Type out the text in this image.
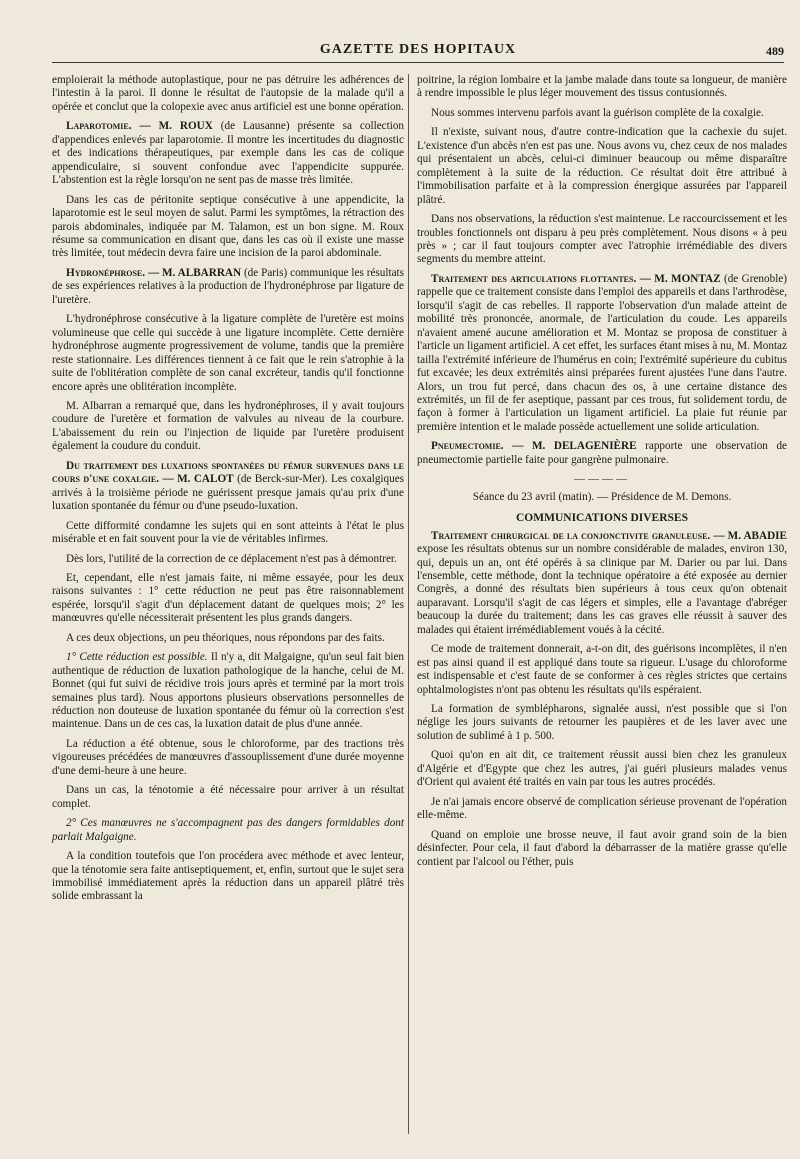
GAZETTE DES HOPITAUX	489

emploierait la méthode autoplastique, pour ne pas détruire les adhérences de l'intestin à la paroi. Il donne le résultat de l'autopsie de la malade qu'il a opérée et conclut que la colopexie avec anus artificiel est une bonne opération.

Laparotomie. — M. ROUX (de Lausanne) présente sa collection d'appendices enlevés par laparotomie. Il montre les incertitudes du diagnostic et des indications thérapeutiques, par exemple dans les cas de colique appendiculaire, si souvent confondue avec l'appendicite suppurée. L'abstention est la règle lorsqu'on ne sent pas de masse très limitée.

Dans les cas de péritonite septique consécutive à une appendicite, la laparotomie est le seul moyen de salut. Parmi les symptômes, la rétraction des parois abdominales, indiquée par M. Talamon, est un bon signe. M. Roux résume sa communication en disant que, dans les cas où il existe une masse très limitée, tout médecin devra faire une incision de la paroi abdominale.

Hydronéphrose. — M. ALBARRAN (de Paris) communique les résultats de ses expériences relatives à la production de l'hydronéphrose par ligature de l'uretère.

L'hydronéphrose consécutive à la ligature complète de l'uretère est moins volumineuse que celle qui succède à une ligature incomplète. Cette dernière hydronéphrose augmente progressivement de volume, tandis que la première reste stationnaire. Les différences tiennent à ce fait que le rein s'atrophie à la suite de l'oblitération complète de son canal excréteur, tandis qu'il fonctionne encore après une oblitération incomplète.

M. Albarran a remarqué que, dans les hydronéphroses, il y avait toujours coudure de l'uretère et formation de valvules au niveau de la courbure. L'abaissement du rein ou l'injection de liquide par l'uretère produisent également la coudure du conduit.

Du traitement des luxations spontanées du fémur survenues dans le cours d'une coxalgie. — M. CALOT (de Berck-sur-Mer). Les coxalgiques arrivés à la troisième période ne guérissent presque jamais qu'au prix d'une luxation spontanée du fémur ou d'une pseudo-luxation.

Cette difformité condamne les sujets qui en sont atteints à l'état le plus misérable et en fait souvent pour la vie de véritables infirmes.

Dès lors, l'utilité de la correction de ce déplacement n'est pas à démontrer.

Et, cependant, elle n'est jamais faite, ni même essayée, pour les deux raisons suivantes : 1° cette réduction ne peut pas être raisonnablement espérée, lorsqu'il s'agit d'un déplacement datant de quelques mois; 2° les manœuvres qu'elle nécessiterait présentent les plus grands dangers.

A ces deux objections, un peu théoriques, nous répondons par des faits.

1° Cette réduction est possible. Il n'y a, dit Malgaigne, qu'un seul fait bien authentique de réduction de luxation pathologique de la hanche, celui de M. Bonnet (qui fut suivi de récidive trois jours après et terminé par la mort trois semaines plus tard). Nous apportons plusieurs observations personnelles de réduction non douteuse de luxation spontanée du fémur où la correction s'est maintenue. Dans un de ces cas, la luxation datait de plus d'une année.

La réduction a été obtenue, sous le chloroforme, par des tractions très vigoureuses précédées de manœuvres d'assouplissement d'une durée moyenne d'une demi-heure à une heure.

Dans un cas, la ténotomie a été nécessaire pour arriver à un résultat complet.

2° Ces manœuvres ne s'accompagnent pas des dangers formidables dont parlait Malgaigne.

A la condition toutefois que l'on procédera avec méthode et avec lenteur, que la ténotomie sera faite antiseptiquement, et, enfin, surtout que le sujet sera immobilisé immédiatement après la réduction dans un appareil plâtré très solide embrassant la

poitrine, la région lombaire et la jambe malade dans toute sa longueur, de manière à rendre impossible le plus léger mouvement des tissus contusionnés.

Nous sommes intervenu parfois avant la guérison complète de la coxalgie.

Il n'existe, suivant nous, d'autre contre-indication que la cachexie du sujet. L'existence d'un abcès n'en est pas une. Nous avons vu, chez ceux de nos malades qui présentaient un abcès, celui-ci diminuer beaucoup ou même disparaître complètement à la suite de la réduction. Ce résultat doit être attribué à l'immobilisation parfaite et à la compression énergique assurées par l'appareil plâtré.

Dans nos observations, la réduction s'est maintenue. Le raccourcissement et les troubles fonctionnels ont disparu à peu près complètement. Nous disons « à peu près » ; car il faut toujours compter avec l'atrophie irrémédiable des divers segments du membre atteint.

Traitement des articulations flottantes. — M. MONTAZ (de Grenoble) rappelle que ce traitement consiste dans l'emploi des appareils et dans l'arthrodèse, lorsqu'il s'agit de cas rebelles. Il rapporte l'observation d'un malade atteint de mobilité très prononcée, anormale, de l'articulation du coude. Les appareils n'avaient amené aucune amélioration et M. Montaz se proposa de constituer à l'article un ligament artificiel. A cet effet, les surfaces étant mises à nu, M. Montaz tailla l'extrémité inférieure de l'humérus en coin; l'extrémité supérieure du cubitus fut excavée; les deux extrémités ainsi préparées furent ajustées l'une dans l'autre. Alors, un trou fut percé, dans chacun des os, à une certaine distance des extrémités, un fil de fer aseptique, passant par ces trous, fut solidement tordu, de façon à former à l'articulation un ligament artificiel. La plaie fut réunie par première intention et le malade possède actuellement une solide articulation.

Pneumectomie. — M. DELAGENIÈRE rapporte une observation de pneumectomie partielle faite pour gangrène pulmonaire.

————
Séance du 23 avril (matin). — Présidence de M. Demons.
COMMUNICATIONS DIVERSES

Traitement chirurgical de la conjonctivite granuleuse. — M. ABADIE expose les résultats obtenus sur un nombre considérable de malades, environ 130, qui, depuis un an, ont été opérés à sa clinique par M. Darier ou par lui. Dans l'ensemble, cette méthode, dont la technique opératoire a été exposée au dernier Congrès, a donné des résultats bien supérieurs à tous ceux qu'on obtenait auparavant. Lorsqu'il s'agit de cas légers et simples, elle a l'avantage d'abréger beaucoup la durée du traitement; dans les cas graves elle réussit à sauver des malades qui étaient irrémédiablement voués à la cécité.

Ce mode de traitement donnerait, a-t-on dit, des guérisons incomplètes, il n'en est pas ainsi quand il est appliqué dans toute sa rigueur. L'usage du chloroforme est indispensable et c'est faute de se conformer à ces règles strictes que certains ophtalmologistes n'ont pas obtenu les résultats qu'ils espéraient.

La formation de symblépharons, signalée aussi, n'est possible que si l'on néglige les jours suivants de retourner les paupières et de les laver avec une solution de sublimé à 1 p. 500.

Quoi qu'on en ait dit, ce traitement réussit aussi bien chez les granuleux d'Algérie et d'Egypte que chez les autres, j'ai guéri plusieurs malades venus d'Orient qui avaient été traités en vain par tous les autres procédés.

Je n'ai jamais encore observé de complication sérieuse provenant de l'opération elle-même.

Quand on emploie une brosse neuve, il faut avoir grand soin de la bien désinfecter. Pour cela, il faut d'abord la débarrasser de la matière grasse qu'elle contient par l'alcool ou l'éther, puis
